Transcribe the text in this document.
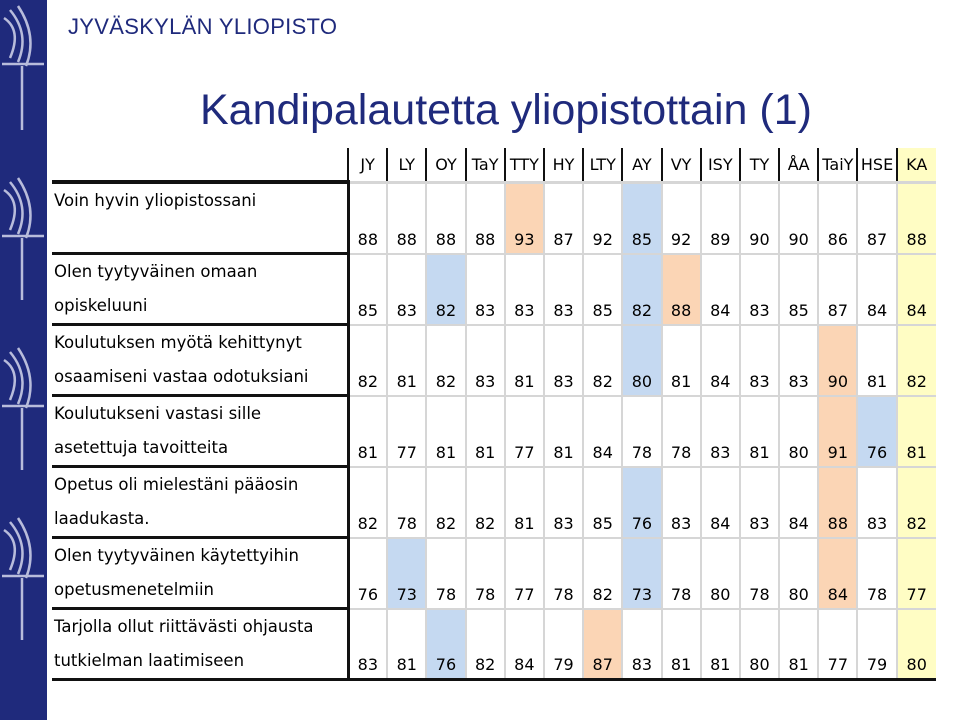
JYVÄSKYLÄN YLIOPISTO
Kandipalautetta yliopistottain (1)
	JY	LY	OY	TaY	TTY	HY	LTY	AY	VY	ISY	TY	ÅA	TaiY	HSE	KA

Voin hyvin yliopistossani	88	88	88	88	93	87	92	85	92	89	90	90	86	87	88

Olen tyytyväinen omaan
opiskeluuni	85	83	82	83	83	83	85	82	88	84	83	85	87	84	84

Koulutuksen myötä kehittynyt
osaamiseni vastaa odotuksiani	82	81	82	83	81	83	82	80	81	84	83	83	90	81	82

Koulutukseni vastasi sille
asetettuja tavoitteita	81	77	81	81	77	81	84	78	78	83	81	80	91	76	81

Opetus oli mielestäni pääosin
laadukasta.	82	78	82	82	81	83	85	76	83	84	83	84	88	83	82

Olen tyytyväinen käytettyihin
opetusmenetelmiin	76	73	78	78	77	78	82	73	78	80	78	80	84	78	77

Tarjolla ollut riittävästi ohjausta
tutkielman laatimiseen	83	81	76	82	84	79	87	83	81	81	80	81	77	79	80
